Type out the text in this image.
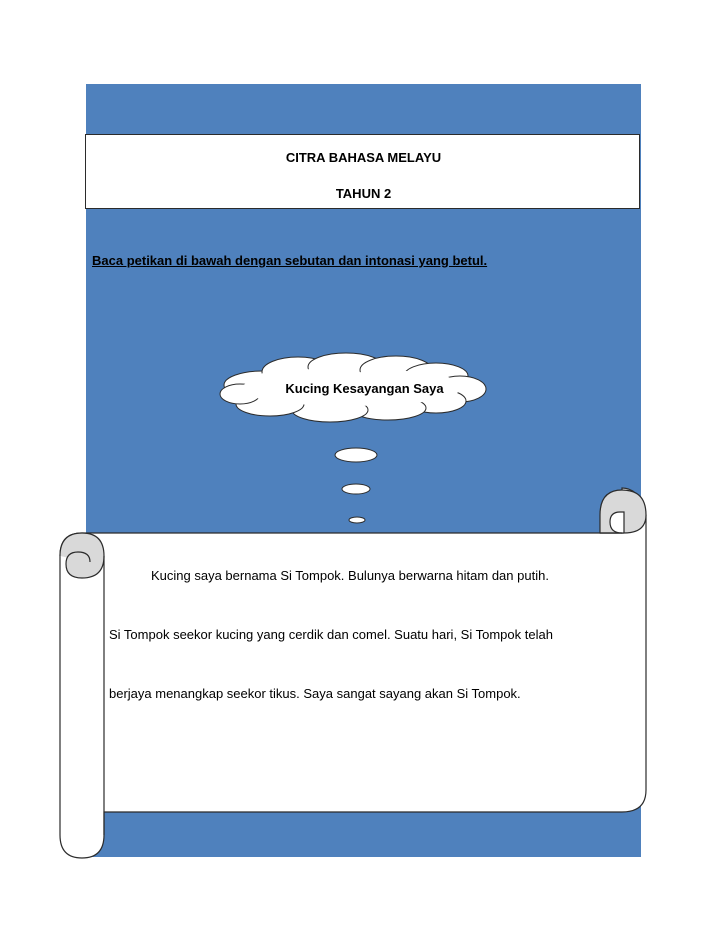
CITRA BAHASA MELAYU
TAHUN 2
Baca petikan di bawah dengan sebutan dan intonasi yang betul.
Kucing Kesayangan Saya
Kucing saya bernama Si Tompok. Bulunya berwarna hitam dan putih.
Si Tompok seekor kucing yang cerdik dan comel. Suatu hari, Si Tompok telah
berjaya menangkap seekor tikus. Saya sangat sayang akan Si Tompok.
